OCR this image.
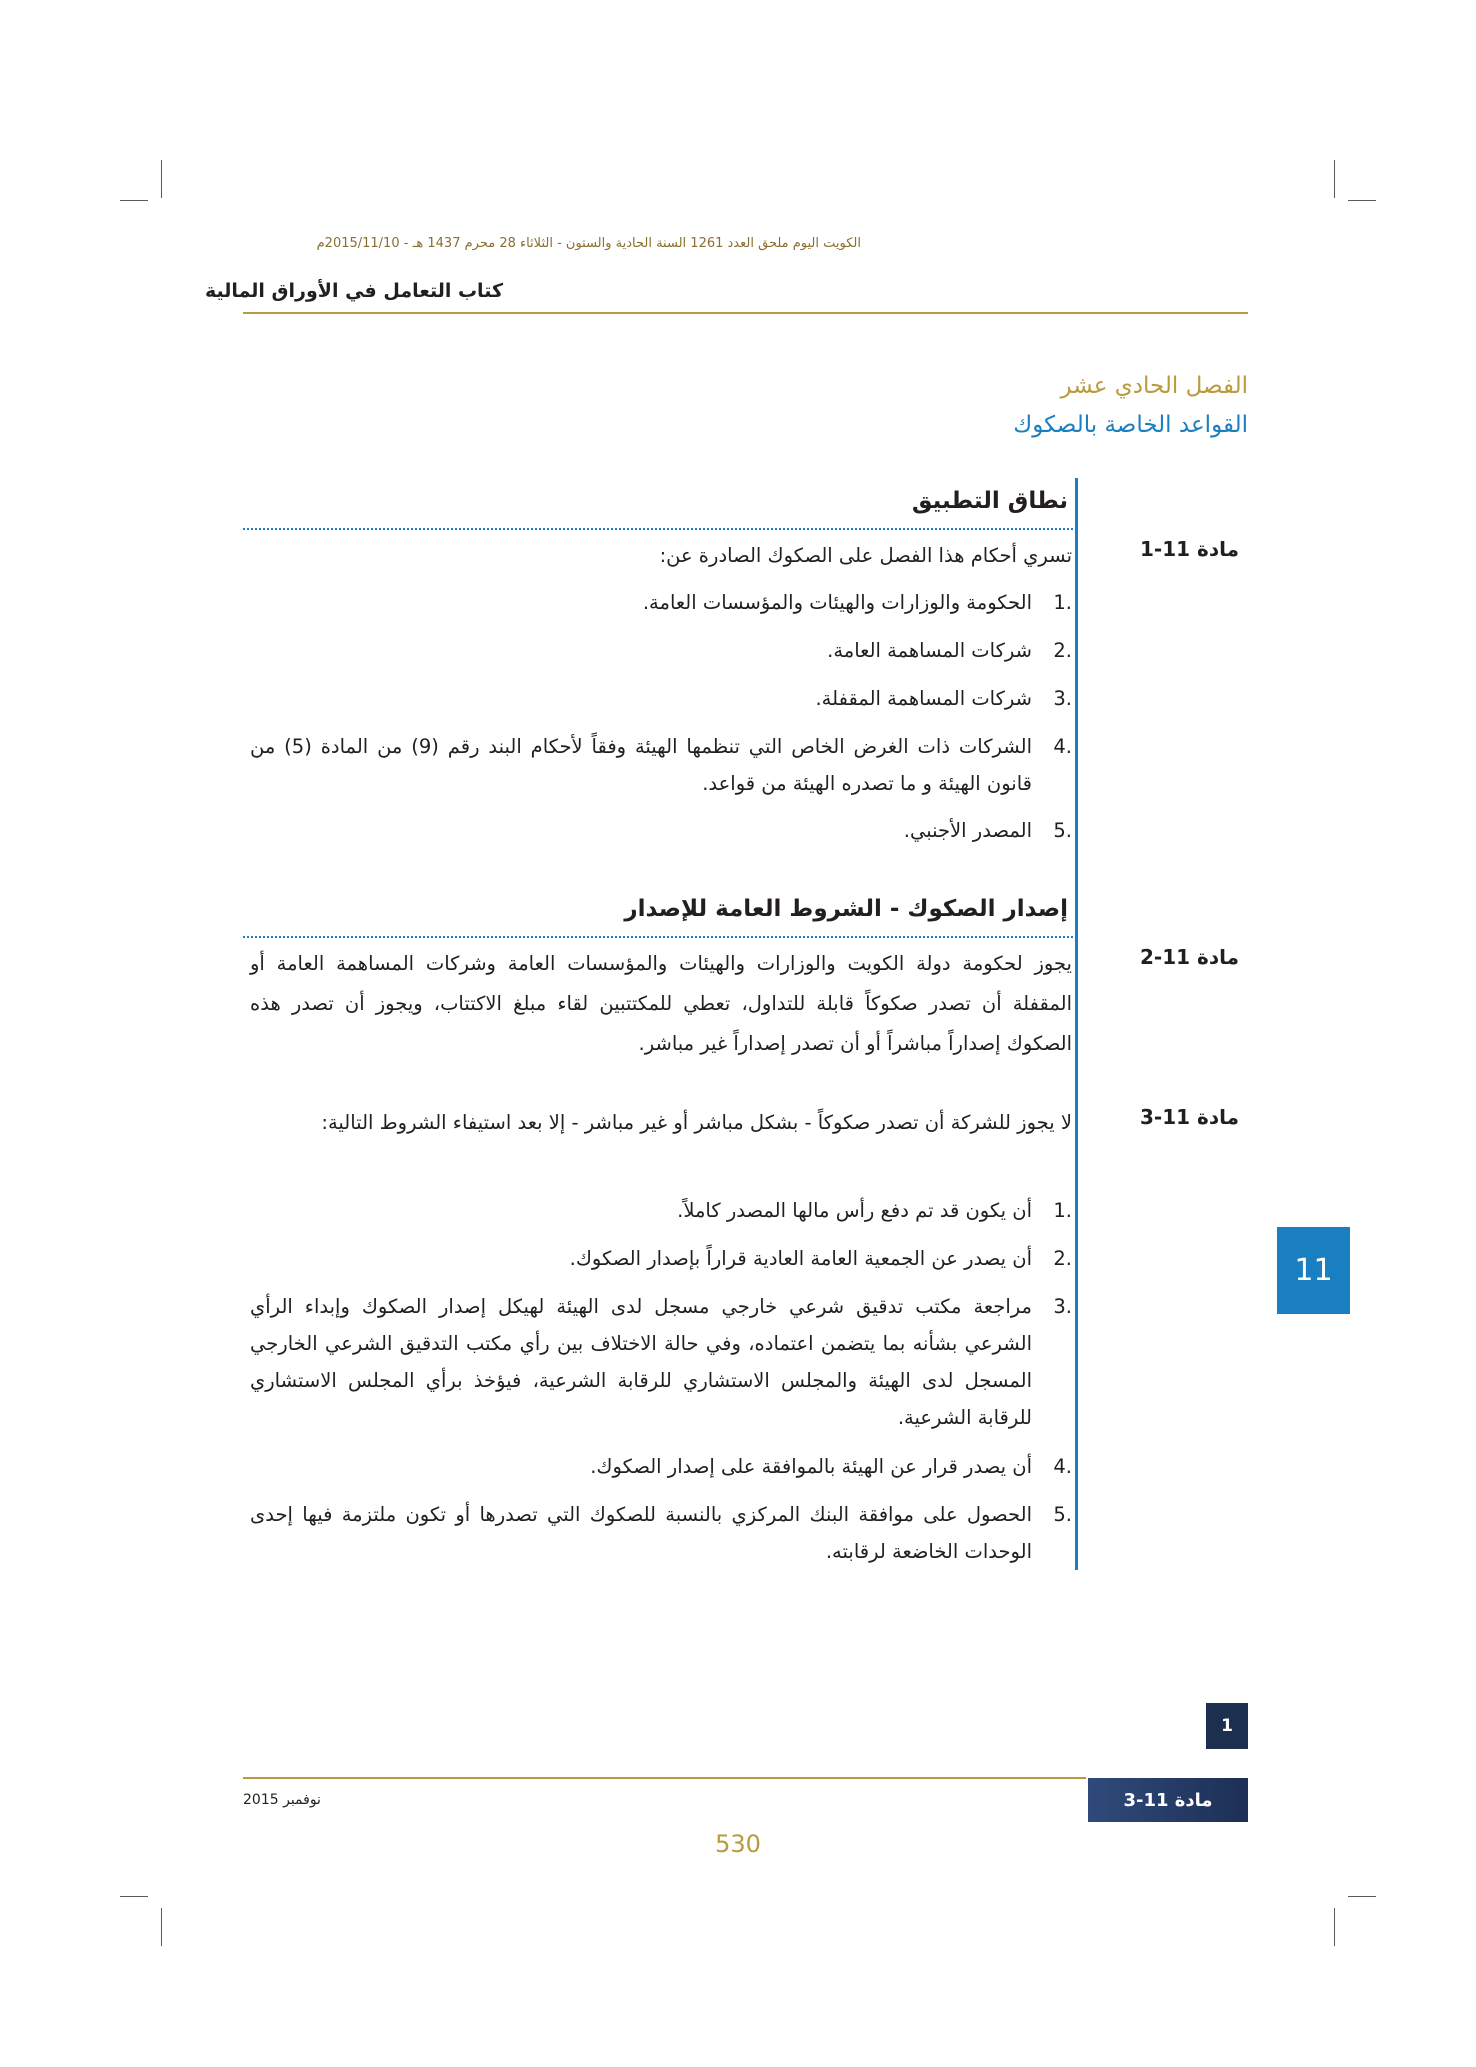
الكويت اليوم ملحق العدد 1261 السنة الحادية والستون - الثلاثاء 28 محرم 1437 هـ - 2015/11/10م
كتاب التعامل في الأوراق المالية
الفصل الحادي عشر
القواعد الخاصة بالصكوك
نطاق التطبيق
مادة 11-1
تسري أحكام هذا الفصل على الصكوك الصادرة عن:
.1
الحكومة والوزارات والهيئات والمؤسسات العامة.
.2
شركات المساهمة العامة.
.3
شركات المساهمة المقفلة.
.4
الشركات ذات الغرض الخاص التي تنظمها الهيئة وفقاً لأحكام البند رقم (9) من المادة (5) من قانون الهيئة و ما تصدره الهيئة من قواعد.
.5
المصدر الأجنبي.
إصدار الصكوك - الشروط العامة للإصدار
مادة 11-2
يجوز لحكومة دولة الكويت والوزارات والهيئات والمؤسسات العامة وشركات المساهمة العامة أو المقفلة أن تصدر صكوكاً قابلة للتداول، تعطي للمكتتبين لقاء مبلغ الاكتتاب، ويجوز أن تصدر هذه الصكوك إصداراً مباشراً أو أن تصدر إصداراً غير مباشر.
مادة 11-3
لا يجوز للشركة أن تصدر صكوكاً - بشكل مباشر أو غير مباشر - إلا بعد استيفاء الشروط التالية:
.1
أن يكون قد تم دفع رأس مالها المصدر كاملاً.
.2
أن يصدر عن الجمعية العامة العادية قراراً بإصدار الصكوك.
.3
مراجعة مكتب تدقيق شرعي خارجي مسجل لدى الهيئة لهيكل إصدار الصكوك وإبداء الرأي الشرعي بشأنه بما يتضمن اعتماده، وفي حالة الاختلاف بين رأي مكتب التدقيق الشرعي الخارجي المسجل لدى الهيئة والمجلس الاستشاري للرقابة الشرعية، فيؤخذ برأي المجلس الاستشاري للرقابة الشرعية.
.4
أن يصدر قرار عن الهيئة بالموافقة على إصدار الصكوك.
.5
الحصول على موافقة البنك المركزي بالنسبة للصكوك التي تصدرها أو تكون ملتزمة فيها إحدى الوحدات الخاضعة لرقابته.
11
1
نوفمبر 2015	مادة 11-3
530
